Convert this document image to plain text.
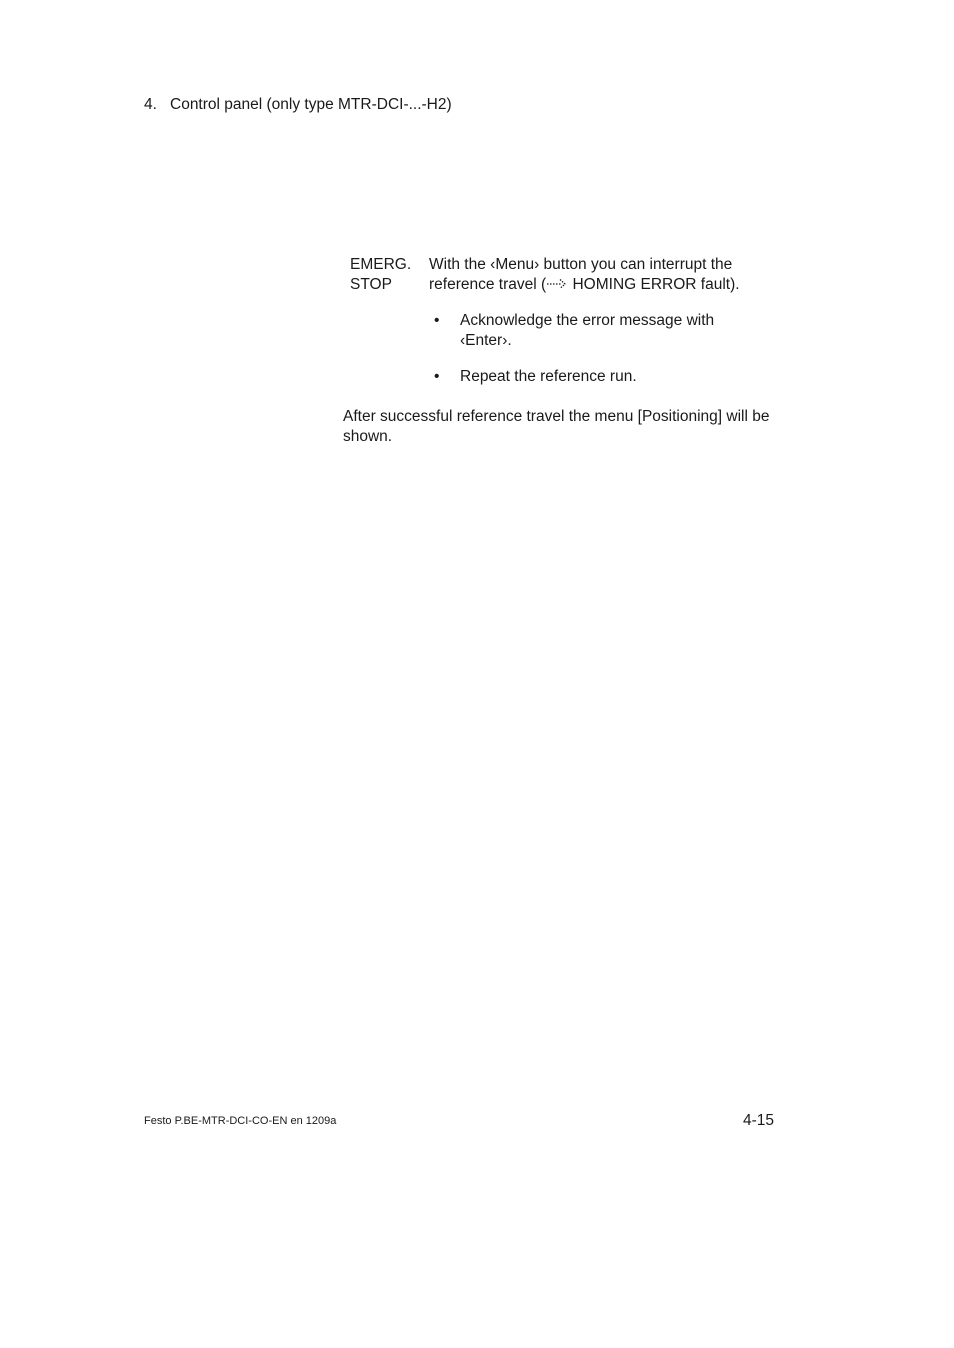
4. Control panel (only type MTR-DCI-...-H2)
EMERG.
STOP
With the ‹Menu› button you can interrupt the reference travel ( HOMING ERROR fault).
• Acknowledge the error message with ‹Enter›.
• Repeat the reference run.
After successful reference travel the menu [Positioning] will be shown.
Festo P.BE-MTR-DCI-CO-EN en 1209a	4-15
